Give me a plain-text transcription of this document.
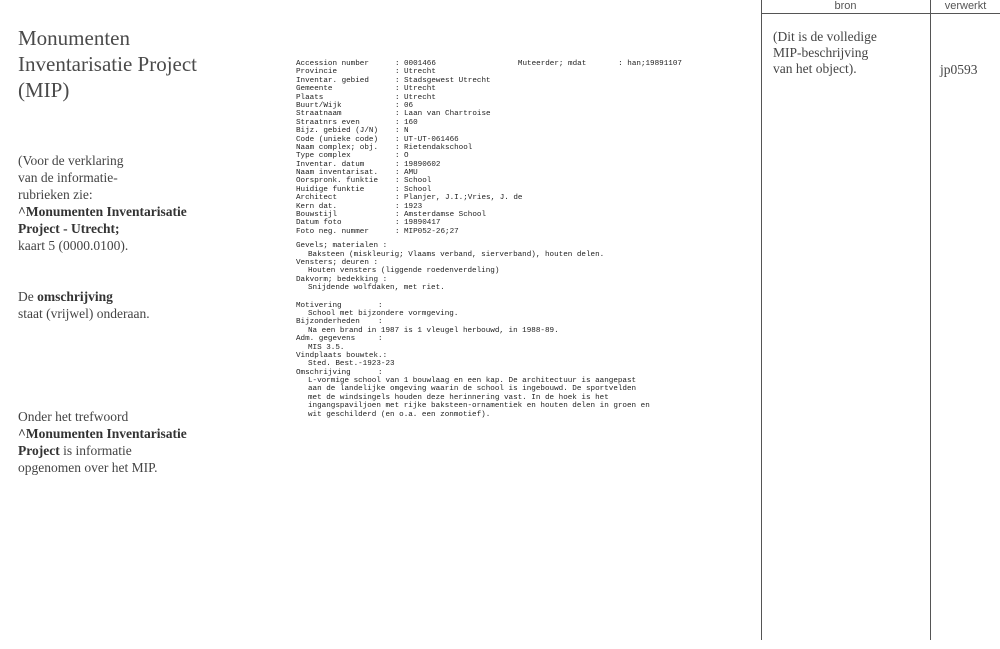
Monumenten Inventarisatie Project (MIP)
(Voor de verklaring
van de informatie-
rubrieken zie:
^Monumenten Inventarisatie
Project - Utrecht;
kaart 5 (0000.0100).
De omschrijving
staat (vrijwel) onderaan.
Onder het trefwoord
^Monumenten Inventarisatie
Project is informatie
opgenomen over het MIP.
Accession number	: 0001466	Muteerder; mdat       : han;19891107
Provincie	: Utrecht
Inventar. gebied	: Stadsgewest Utrecht
Gemeente	: Utrecht
Plaats	: Utrecht
Buurt/Wijk	: 06
Straatnaam	: Laan van Chartroise
Straatnrs even	: 160
Bijz. gebied (J/N) : N
Code (unieke code) : UT-UT-061466
Naam complex; obj. : Rietendakschool
Type complex	: O
Inventar. datum	: 19890602
Naam inventarisat. : AMU
Oorspronk. funktie : School
Huidige funktie	: School
Architect	: Planjer, J.I.;Vries, J. de
Kern dat.	: 1923
Bouwstijl	: Amsterdamse School
Datum foto	: 19890417
Foto neg. nummer	: MIP052-26;27
Gevels; materialen :
Baksteen (miskleurig; Vlaams verband, sierverband), houten delen.
Vensters; deuren :
Houten vensters (liggende roedenverdeling)
Dakvorm; bedekking :
Snijdende wolfdaken, met riet.
Motivering        :
School met bijzondere vormgeving.
Bijzonderheden    :
Na een brand in 1987 is 1 vleugel herbouwd, in 1988-89.
Adm. gegevens     :
MIS 3.5.
Vindplaats bouwtek.:
Sted. Best.-1923-23
Omschrijving      :
L-vormige school van 1 bouwlaag en een kap. De architectuur is aangepast
aan de landelijke omgeving waarin de school is ingebouwd. De sportvelden
met de windsingels houden deze herinnering vast. In de hoek is het
ingangspaviljoen met rijke baksteen-ornamentiek en houten delen in groen en
wit geschilderd (en o.a. een zonmotief).
bron	verwerkt
(Dit is de volledige
MIP-beschrijving
van het object).	jp0593
